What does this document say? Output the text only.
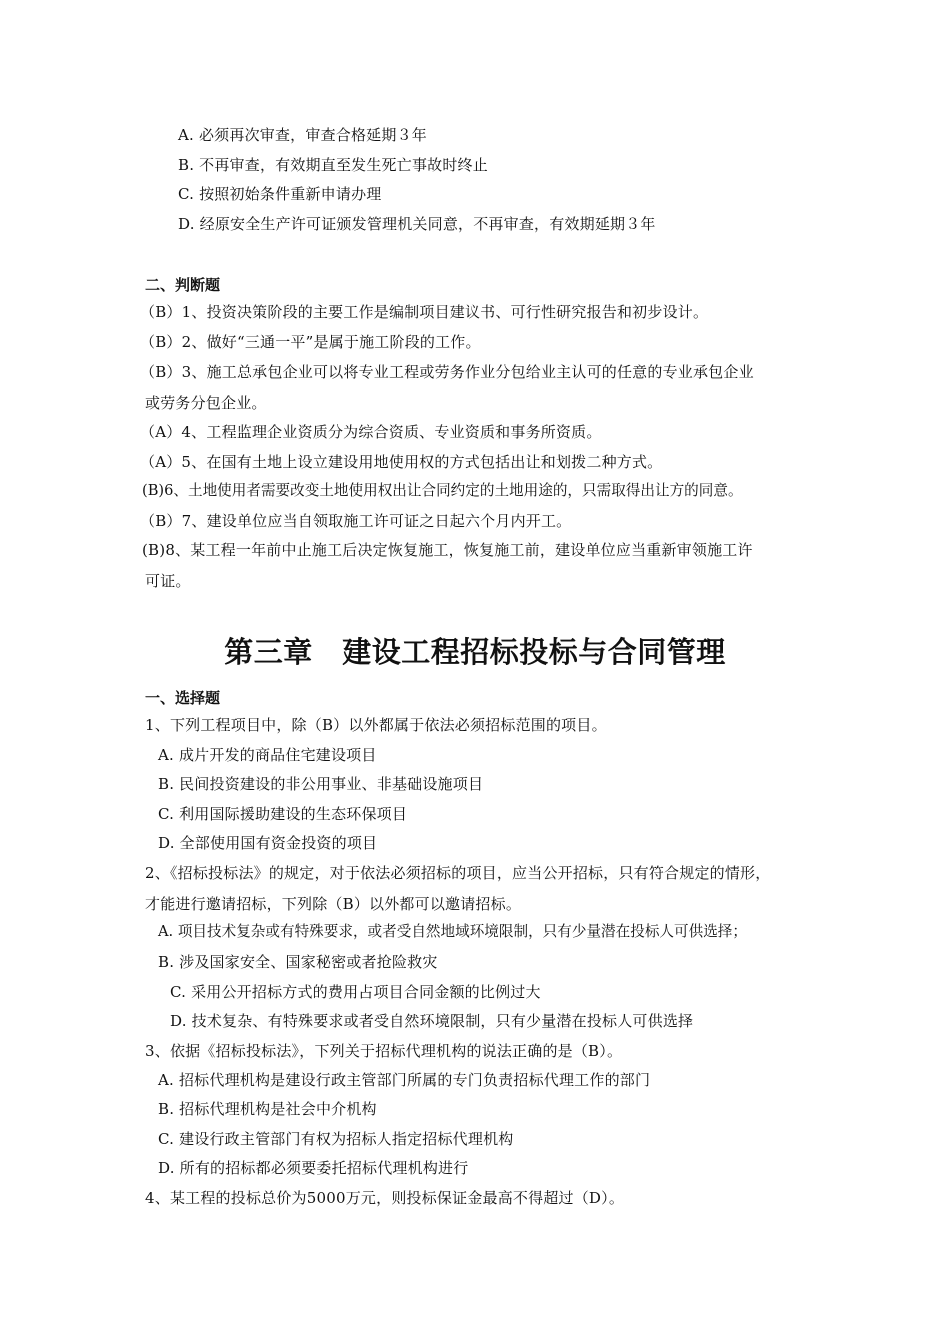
A. 必须再次审查，审查合格延期３年
B. 不再审查，有效期直至发生死亡事故时终止
C. 按照初始条件重新申请办理
D. 经原安全生产许可证颁发管理机关同意，不再审查，有效期延期３年
二、判断题
（B）1、投资决策阶段的主要工作是编制项目建议书、可行性研究报告和初步设计。
（B）2、做好“三通一平”是属于施工阶段的工作。
（B）3、施工总承包企业可以将专业工程或劳务作业分包给业主认可的任意的专业承包企业
或劳务分包企业。
（A）4、工程监理企业资质分为综合资质、专业资质和事务所资质。
（A）5、在国有土地上设立建设用地使用权的方式包括出让和划拨二种方式。
(B)6、土地使用者需要改变土地使用权出让合同约定的土地用途的，只需取得出让方的同意。
（B）7、建设单位应当自领取施工许可证之日起六个月内开工。
(B)8、某工程一年前中止施工后决定恢复施工，恢复施工前，建设单位应当重新审领施工许
可证。
第三章　建设工程招标投标与合同管理
一、选择题
1、下列工程项目中，除（B）以外都属于依法必须招标范围的项目。
A. 成片开发的商品住宅建设项目
B. 民间投资建设的非公用事业、非基础设施项目
C. 利用国际援助建设的生态环保项目
D. 全部使用国有资金投资的项目
2、《招标投标法》的规定，对于依法必须招标的项目，应当公开招标，只有符合规定的情形，
才能进行邀请招标，下列除（B）以外都可以邀请招标。
A. 项目技术复杂或有特殊要求，或者受自然地域环境限制，只有少量潜在投标人可供选择；
B. 涉及国家安全、国家秘密或者抢险救灾
C. 采用公开招标方式的费用占项目合同金额的比例过大
D. 技术复杂、有特殊要求或者受自然环境限制，只有少量潜在投标人可供选择
3、依据《招标投标法》，下列关于招标代理机构的说法正确的是（B）。
A. 招标代理机构是建设行政主管部门所属的专门负责招标代理工作的部门
B. 招标代理机构是社会中介机构
C. 建设行政主管部门有权为招标人指定招标代理机构
D. 所有的招标都必须要委托招标代理机构进行
4、某工程的投标总价为5000万元，则投标保证金最高不得超过（D）。
